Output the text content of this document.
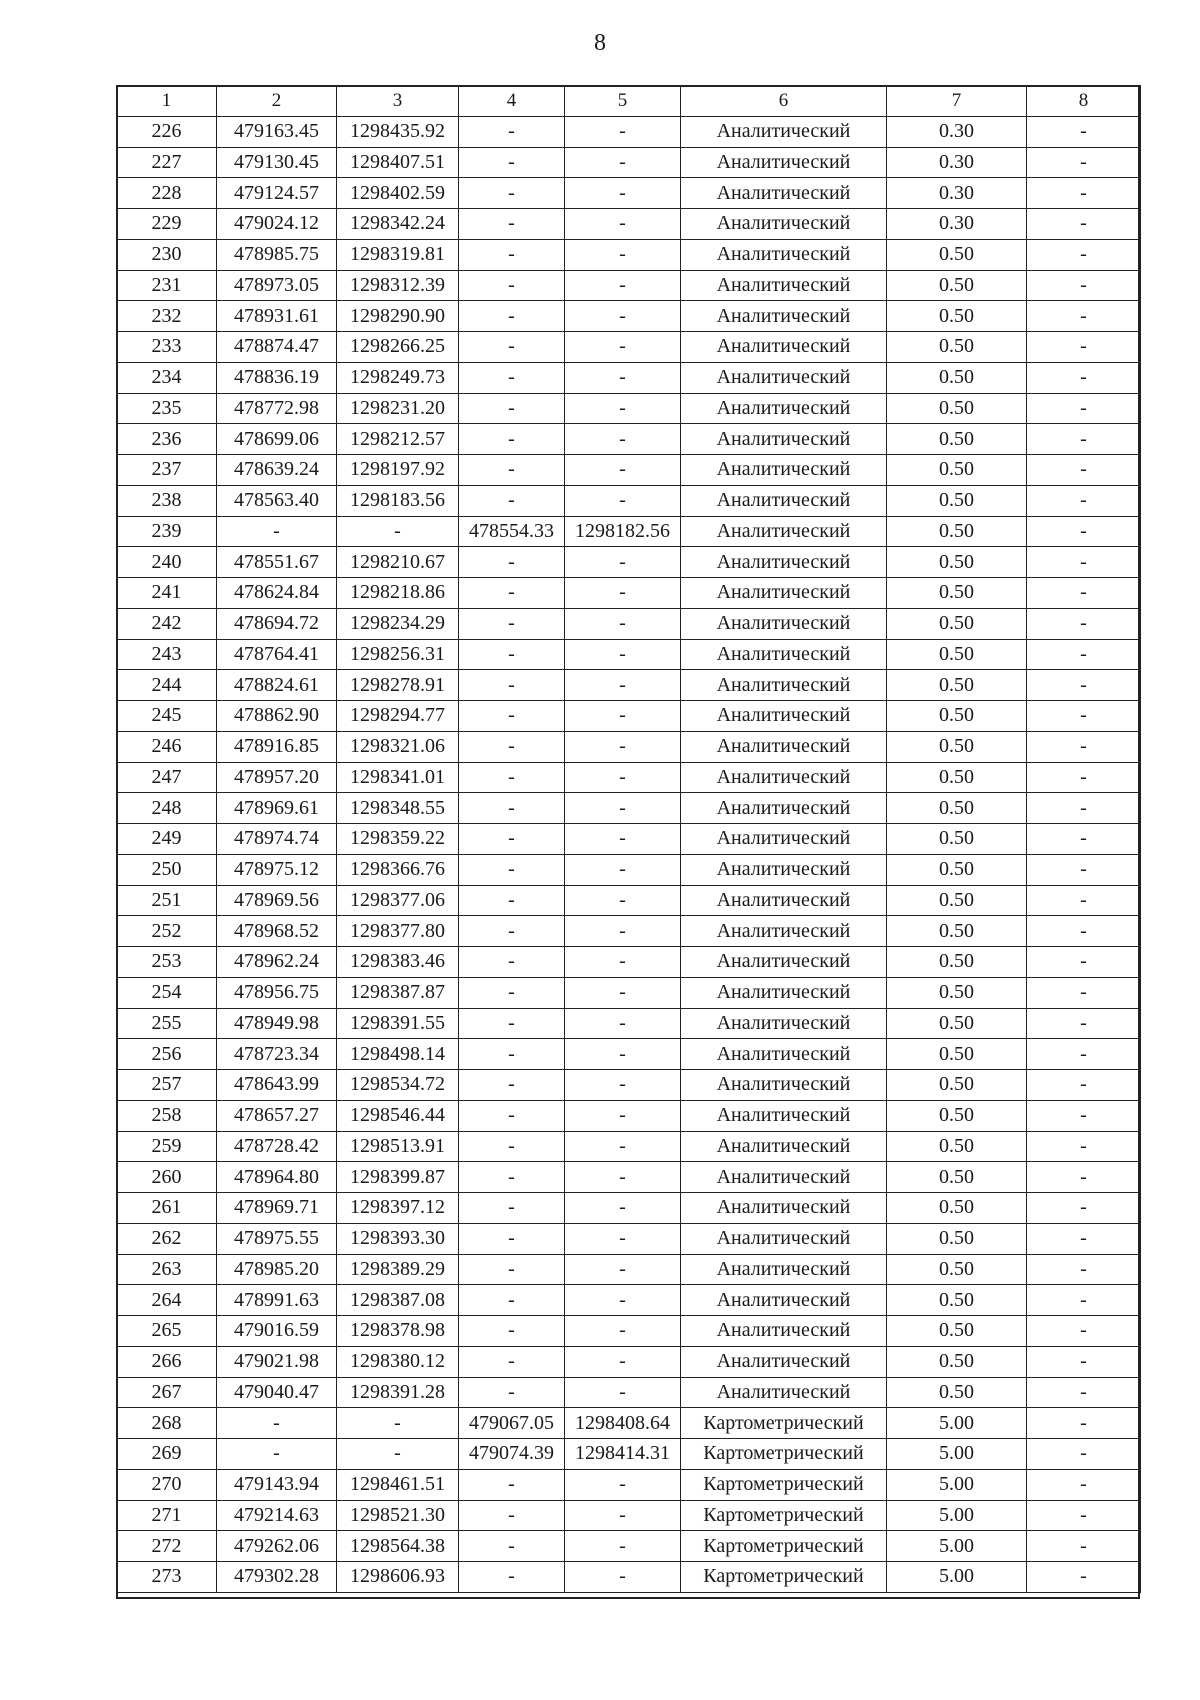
8
1	2	3	4	5	6	7	8
226	479163.45	1298435.92	-	-	Аналитический	0.30	-
227	479130.45	1298407.51	-	-	Аналитический	0.30	-
228	479124.57	1298402.59	-	-	Аналитический	0.30	-
229	479024.12	1298342.24	-	-	Аналитический	0.30	-
230	478985.75	1298319.81	-	-	Аналитический	0.50	-
231	478973.05	1298312.39	-	-	Аналитический	0.50	-
232	478931.61	1298290.90	-	-	Аналитический	0.50	-
233	478874.47	1298266.25	-	-	Аналитический	0.50	-
234	478836.19	1298249.73	-	-	Аналитический	0.50	-
235	478772.98	1298231.20	-	-	Аналитический	0.50	-
236	478699.06	1298212.57	-	-	Аналитический	0.50	-
237	478639.24	1298197.92	-	-	Аналитический	0.50	-
238	478563.40	1298183.56	-	-	Аналитический	0.50	-
239	-	-	478554.33	1298182.56	Аналитический	0.50	-
240	478551.67	1298210.67	-	-	Аналитический	0.50	-
241	478624.84	1298218.86	-	-	Аналитический	0.50	-
242	478694.72	1298234.29	-	-	Аналитический	0.50	-
243	478764.41	1298256.31	-	-	Аналитический	0.50	-
244	478824.61	1298278.91	-	-	Аналитический	0.50	-
245	478862.90	1298294.77	-	-	Аналитический	0.50	-
246	478916.85	1298321.06	-	-	Аналитический	0.50	-
247	478957.20	1298341.01	-	-	Аналитический	0.50	-
248	478969.61	1298348.55	-	-	Аналитический	0.50	-
249	478974.74	1298359.22	-	-	Аналитический	0.50	-
250	478975.12	1298366.76	-	-	Аналитический	0.50	-
251	478969.56	1298377.06	-	-	Аналитический	0.50	-
252	478968.52	1298377.80	-	-	Аналитический	0.50	-
253	478962.24	1298383.46	-	-	Аналитический	0.50	-
254	478956.75	1298387.87	-	-	Аналитический	0.50	-
255	478949.98	1298391.55	-	-	Аналитический	0.50	-
256	478723.34	1298498.14	-	-	Аналитический	0.50	-
257	478643.99	1298534.72	-	-	Аналитический	0.50	-
258	478657.27	1298546.44	-	-	Аналитический	0.50	-
259	478728.42	1298513.91	-	-	Аналитический	0.50	-
260	478964.80	1298399.87	-	-	Аналитический	0.50	-
261	478969.71	1298397.12	-	-	Аналитический	0.50	-
262	478975.55	1298393.30	-	-	Аналитический	0.50	-
263	478985.20	1298389.29	-	-	Аналитический	0.50	-
264	478991.63	1298387.08	-	-	Аналитический	0.50	-
265	479016.59	1298378.98	-	-	Аналитический	0.50	-
266	479021.98	1298380.12	-	-	Аналитический	0.50	-
267	479040.47	1298391.28	-	-	Аналитический	0.50	-
268	-	-	479067.05	1298408.64	Картометрический	5.00	-
269	-	-	479074.39	1298414.31	Картометрический	5.00	-
270	479143.94	1298461.51	-	-	Картометрический	5.00	-
271	479214.63	1298521.30	-	-	Картометрический	5.00	-
272	479262.06	1298564.38	-	-	Картометрический	5.00	-
273	479302.28	1298606.93	-	-	Картометрический	5.00	-
